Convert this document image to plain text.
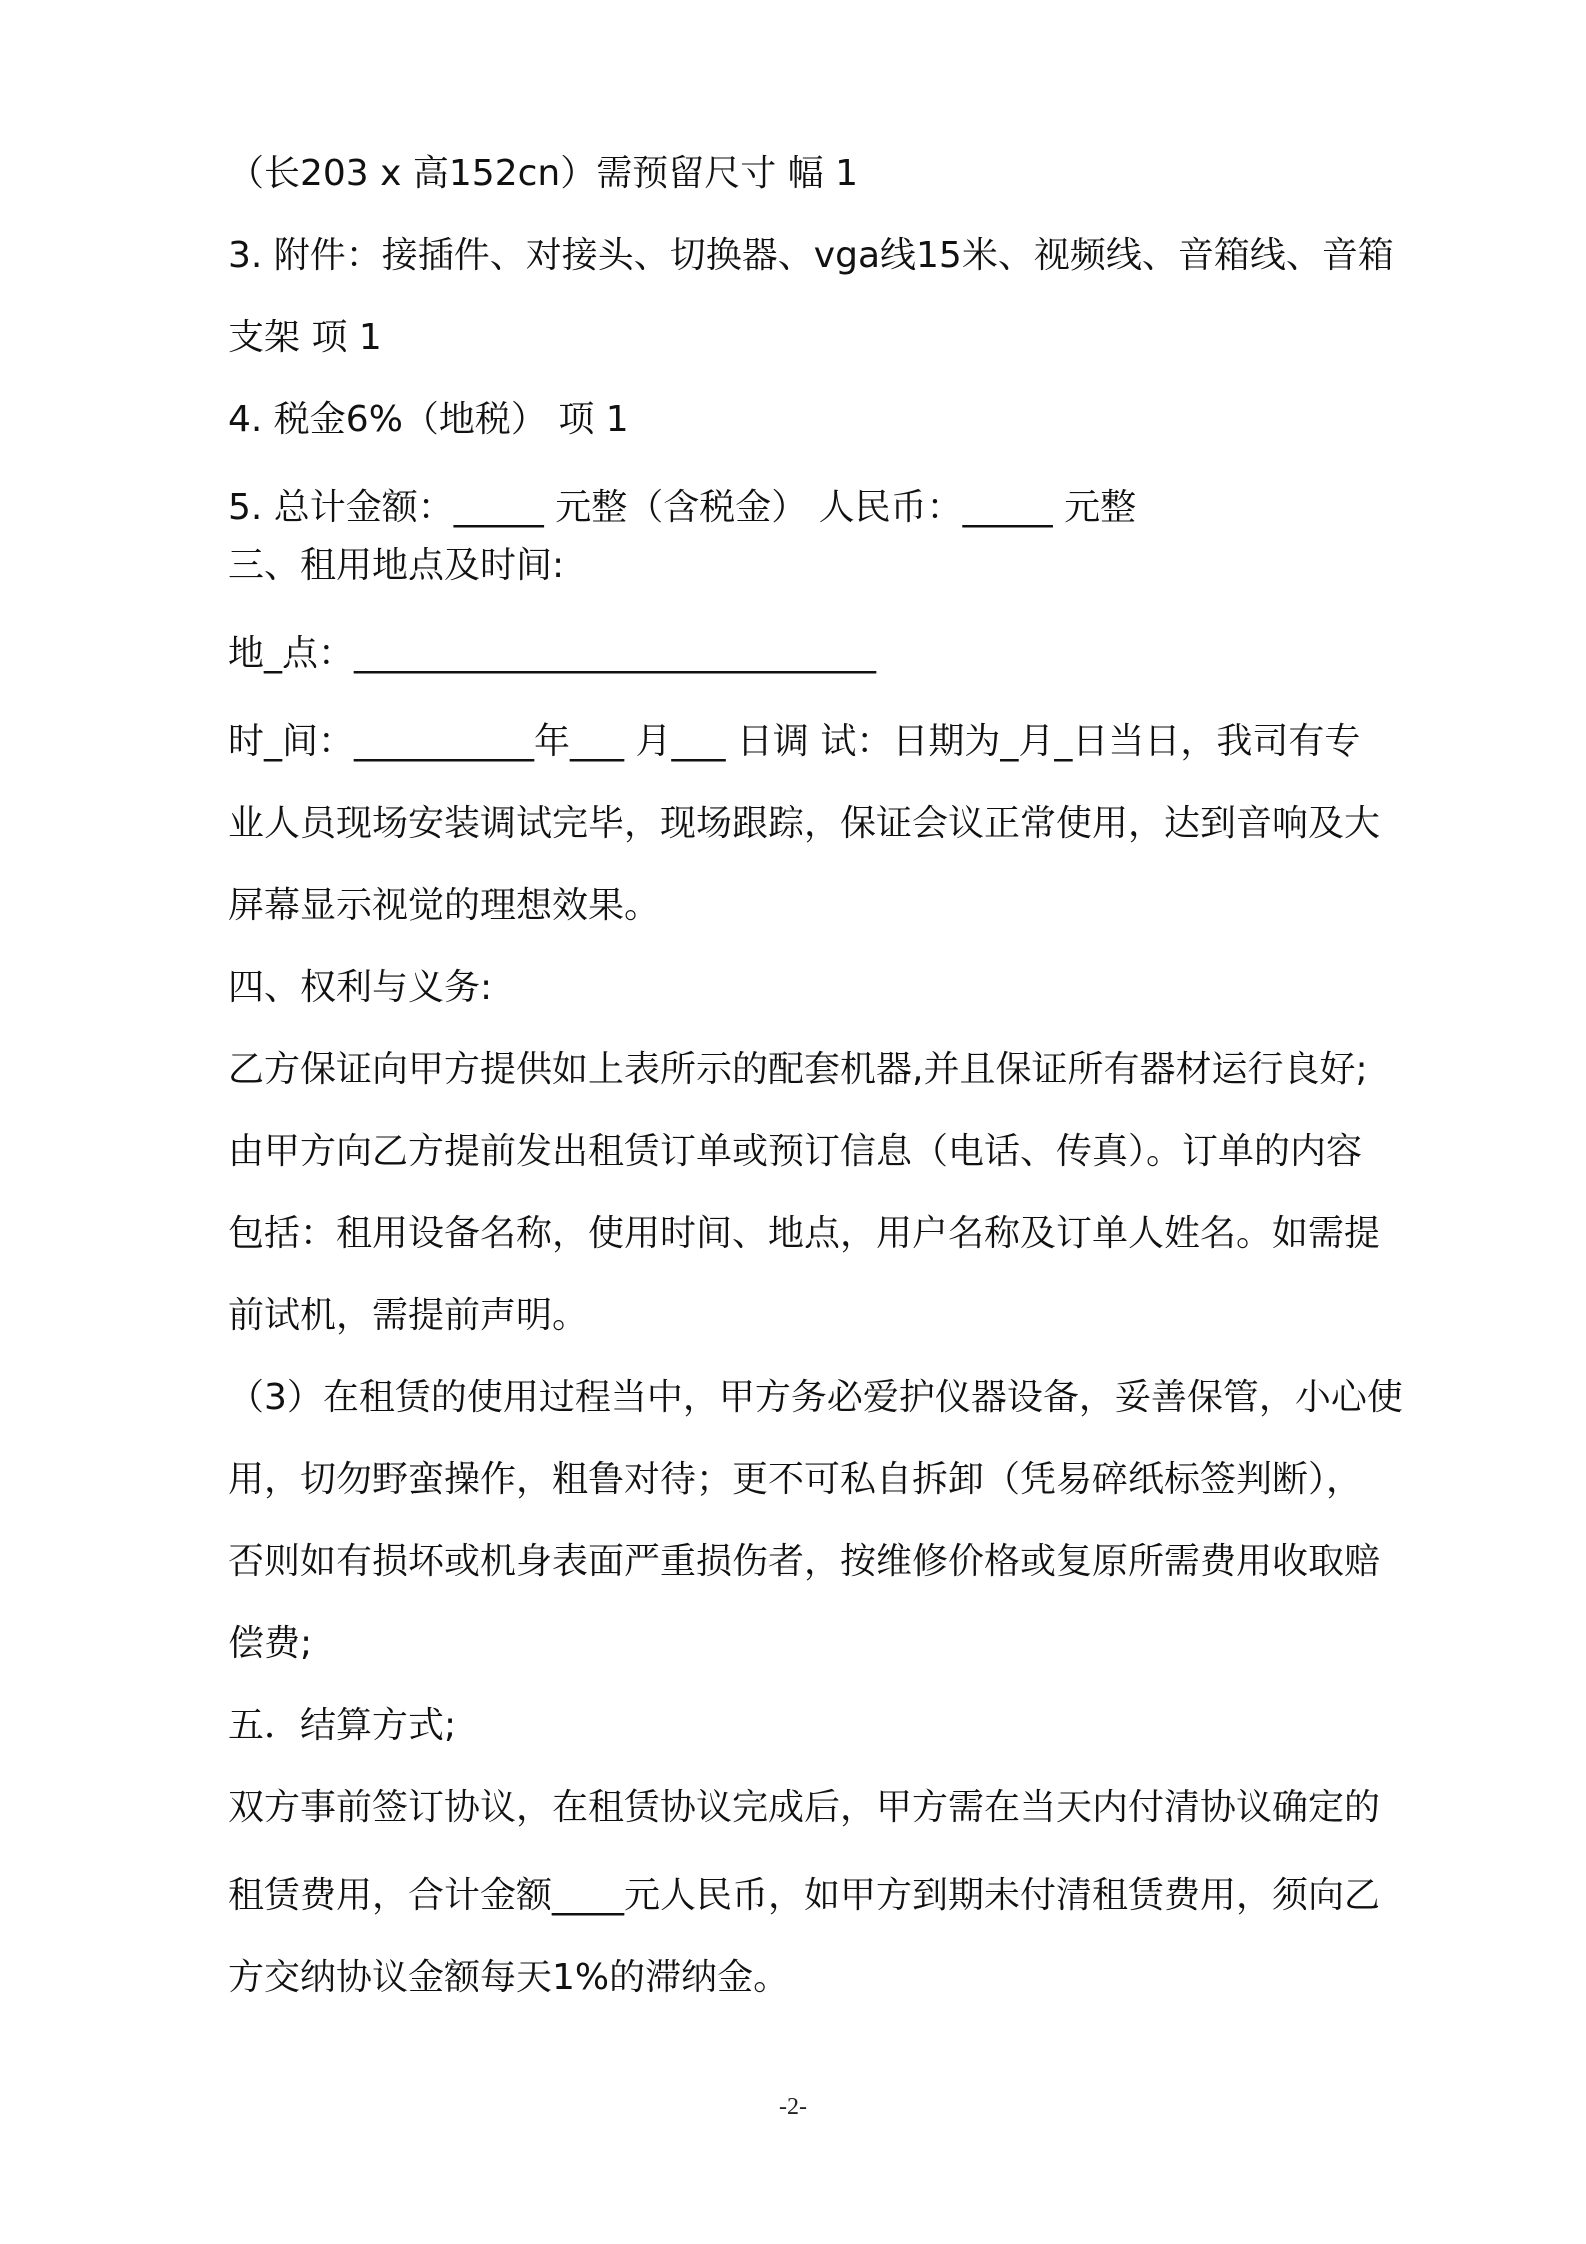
（长203 x 高152cn）需预留尺寸 幅 1

3. 附件：接插件、对接头、切换器、vga线15米、视频线、音箱线、音箱

支架 项 1

4. 税金6%（地税） 项 1

5. 总计金额：_____ 元整（含税金） 人民币：_____ 元整

三、租用地点及时间:

地_点：_____________________________

时_间：__________年___ 月___ 日调 试：日期为_月_日当日，我司有专

业人员现场安装调试完毕，现场跟踪，保证会议正常使用，达到音响及大

屏幕显示视觉的理想效果。

四、权利与义务:

乙方保证向甲方提供如上表所示的配套机器,并且保证所有器材运行良好;

由甲方向乙方提前发出租赁订单或预订信息（电话、传真）。订单的内容

包括：租用设备名称，使用时间、地点，用户名称及订单人姓名。如需提

前试机，需提前声明。

（3）在租赁的使用过程当中，甲方务必爱护仪器设备，妥善保管，小心使

用，切勿野蛮操作，粗鲁对待；更不可私自拆卸（凭易碎纸标签判断），

否则如有损坏或机身表面严重损伤者，按维修价格或复原所需费用收取赔

偿费;

五．结算方式;

双方事前签订协议，在租赁协议完成后，甲方需在当天内付清协议确定的

租赁费用，合计金额____元人民币，如甲方到期未付清租赁费用，须向乙

方交纳协议金额每天1%的滞纳金。

-2-
